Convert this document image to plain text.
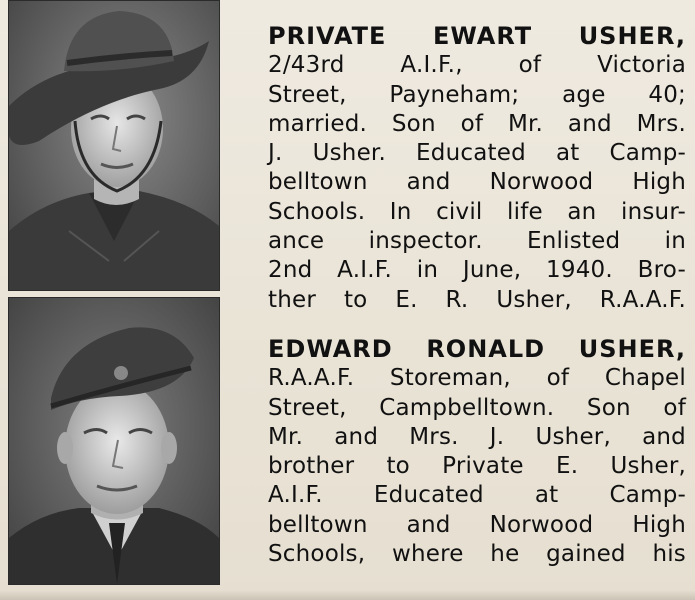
PRIVATE EWART USHER,
2/43rd A.I.F., of Victoria
Street, Payneham; age 40;
married. Son of Mr. and Mrs.
J. Usher. Educated at Camp-
belltown and Norwood High
Schools. In civil life an insur-
ance inspector. Enlisted in
2nd A.I.F. in June, 1940. Bro-
ther to E. R. Usher, R.A.A.F.
EDWARD RONALD USHER,
R.A.A.F. Storeman, of Chapel
Street, Campbelltown. Son of
Mr. and Mrs. J. Usher, and
brother to Private E. Usher,
A.I.F. Educated at Camp-
belltown and Norwood High
Schools, where he gained his
